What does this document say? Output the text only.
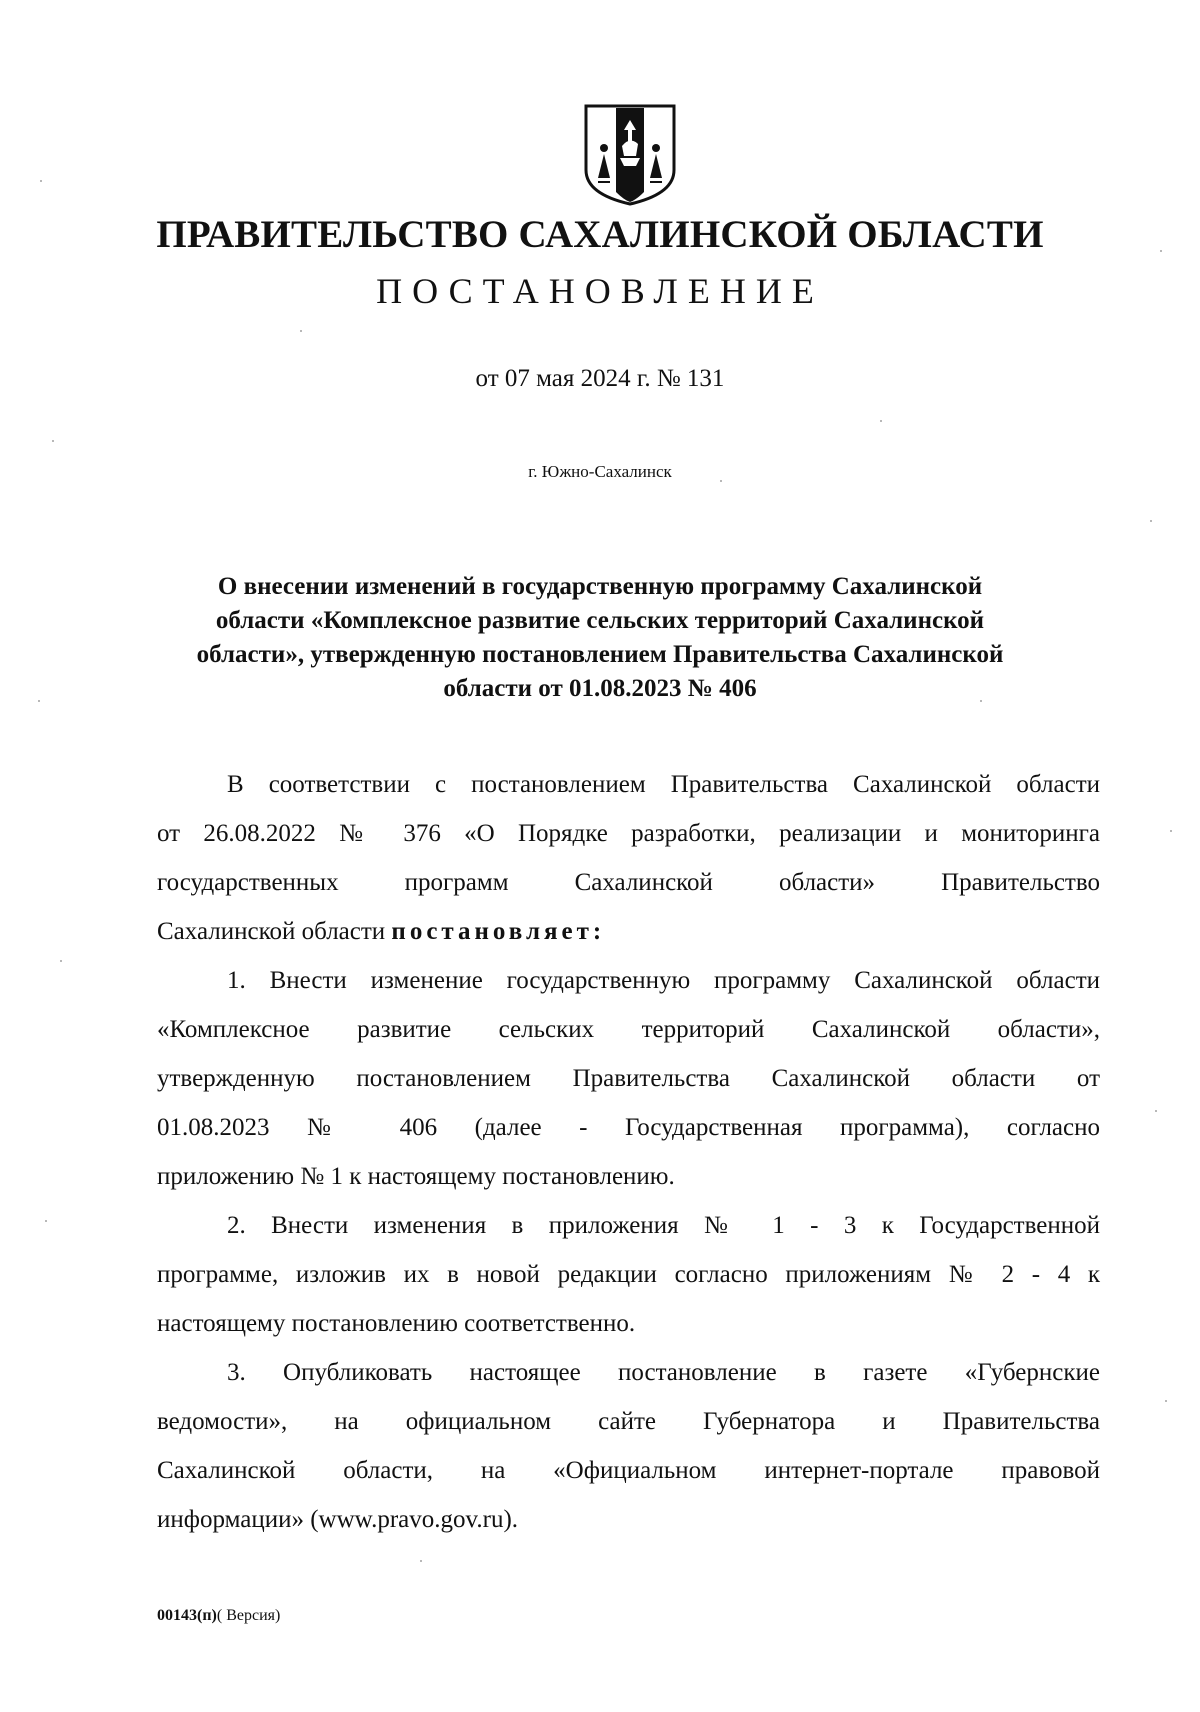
ПРАВИТЕЛЬСТВО САХАЛИНСКОЙ ОБЛАСТИ
ПОСТАНОВЛЕНИЕ
от 07 мая 2024 г. № 131
г. Южно-Сахалинск
О внесении изменений в государственную программу Сахалинской
области «Комплексное развитие сельских территорий Сахалинской
области», утвержденную постановлением Правительства Сахалинской
области от 01.08.2023 № 406
В соответствии с постановлением Правительства Сахалинской области
от 26.08.2022 № 376 «О Порядке разработки, реализации и мониторинга
государственных программ Сахалинской области» Правительство
Сахалинской области постановляет:
1. Внести изменение государственную программу Сахалинской области
«Комплексное развитие сельских территорий Сахалинской области»,
утвержденную постановлением Правительства Сахалинской области от
01.08.2023 № 406 (далее - Государственная программа), согласно
приложению № 1 к настоящему постановлению.
2. Внести изменения в приложения № 1 - 3 к Государственной
программе, изложив их в новой редакции согласно приложениям № 2 - 4 к
настоящему постановлению соответственно.
3. Опубликовать настоящее постановление в газете «Губернские
ведомости», на официальном сайте Губернатора и Правительства
Сахалинской области, на «Официальном интернет-портале правовой
информации» (www.pravo.gov.ru).
00143(п)( Версия)
